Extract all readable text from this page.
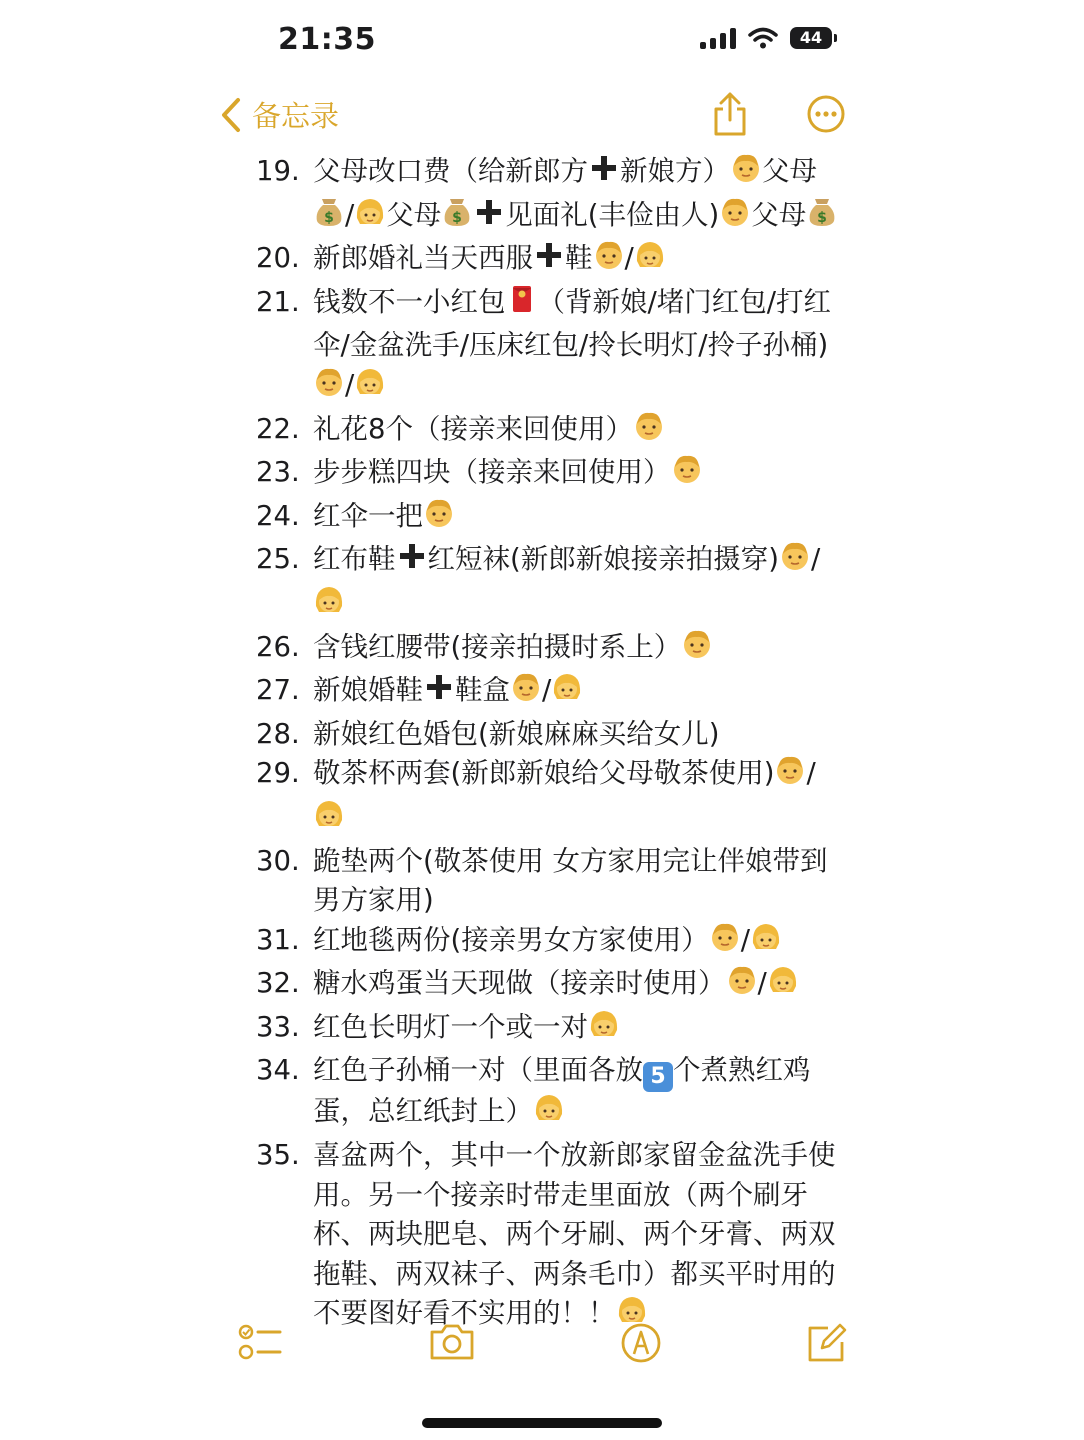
21:35	44
备忘录
19. 父母改口费（给新郎方 新娘方） 父母
$ / 父母 $ 见面礼(丰俭由人) 父母 $
20. 新郎婚礼当天西服 鞋 /
21. 钱数不一小红包 （背新娘/堵门红包/打红伞/金盆洗手/压床红包/拎长明灯/拎子孙桶)/
22. 礼花8个（接亲来回使用）
23. 步步糕四块（接亲来回使用）
24. 红伞一把
25. 红布鞋 红短袜(新郎新娘接亲拍摄穿) /
26. 含钱红腰带(接亲拍摄时系上）
27. 新娘婚鞋 鞋盒 /
28. 新娘红色婚包(新娘麻麻买给女儿)
29. 敬茶杯两套(新郎新娘给父母敬茶使用) /
30. 跪垫两个(敬茶使用 女方家用完让伴娘带到男方家用)
31. 红地毯两份(接亲男女方家使用） /
32. 糖水鸡蛋当天现做（接亲时使用） /
33. 红色长明灯一个或一对
34. 红色子孙桶一对（里面各放 5 个煮熟红鸡蛋，总红纸封上）
35. 喜盆两个，其中一个放新郎家留金盆洗手使用。另一个接亲时带走里面放（两个刷牙杯、两块肥皂、两个牙刷、两个牙膏、两双拖鞋、两双袜子、两条毛巾）都买平时用的不要图好看不实用的！！
